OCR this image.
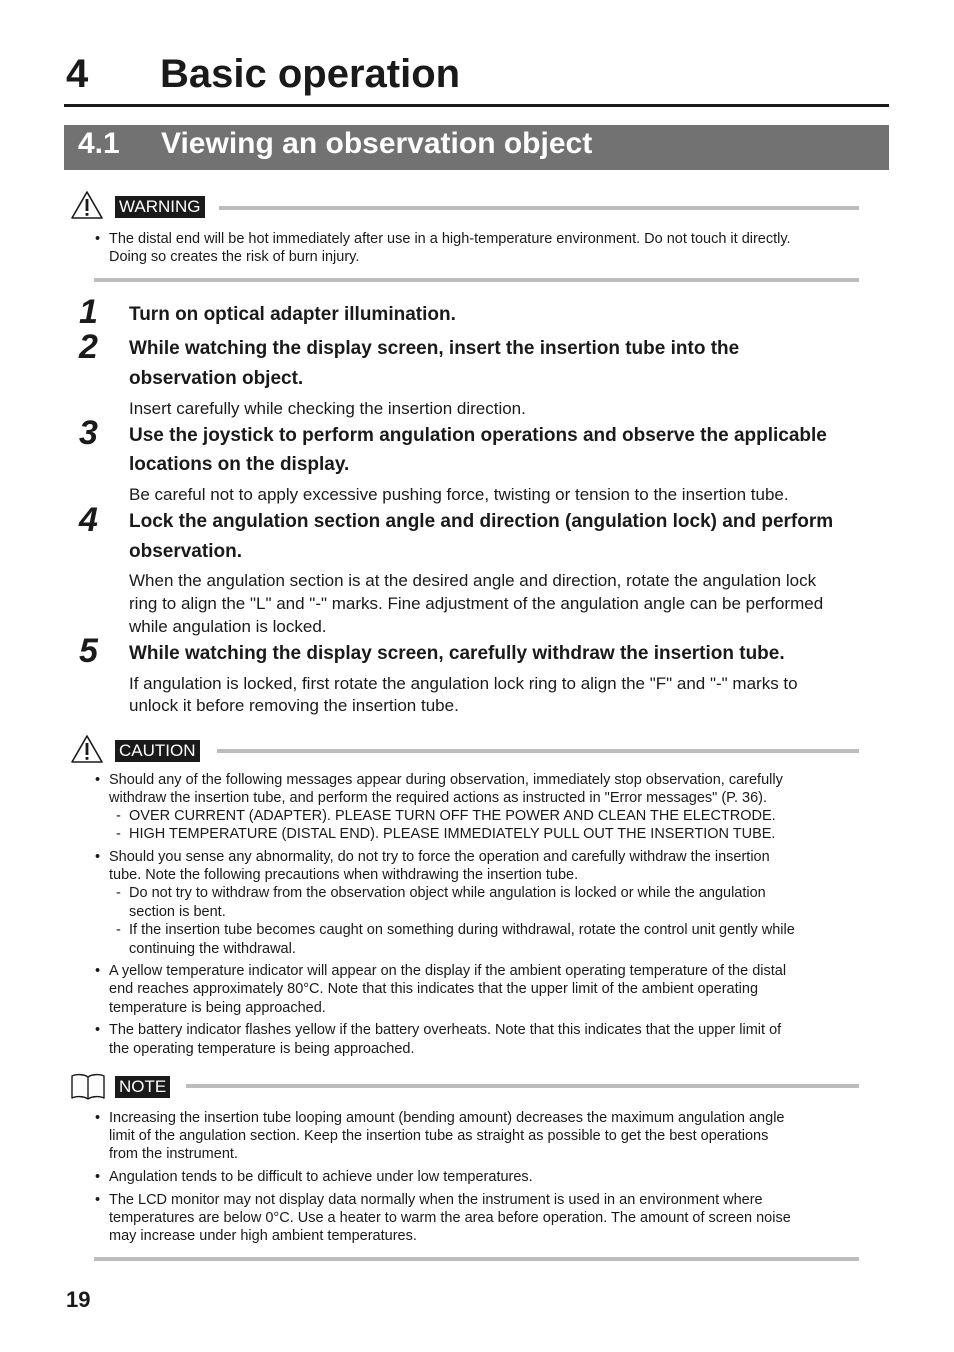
4 Basic operation
4.1 Viewing an observation object
WARNING
• The distal end will be hot immediately after use in a high-temperature environment. Do not touch it directly.
Doing so creates the risk of burn injury.
1 Turn on optical adapter illumination.
2 While watching the display screen, insert the insertion tube into the
observation object.
Insert carefully while checking the insertion direction.
3 Use the joystick to perform angulation operations and observe the applicable
locations on the display.
Be careful not to apply excessive pushing force, twisting or tension to the insertion tube.
4 Lock the angulation section angle and direction (angulation lock) and perform
observation.
When the angulation section is at the desired angle and direction, rotate the angulation lock
ring to align the "L" and "-" marks. Fine adjustment of the angulation angle can be performed
while angulation is locked.
5 While watching the display screen, carefully withdraw the insertion tube.
If angulation is locked, first rotate the angulation lock ring to align the "F" and "-" marks to
unlock it before removing the insertion tube.
CAUTION
• Should any of the following messages appear during observation, immediately stop observation, carefully
withdraw the insertion tube, and perform the required actions as instructed in "Error messages" (P. 36).
- OVER CURRENT (ADAPTER). PLEASE TURN OFF THE POWER AND CLEAN THE ELECTRODE.
- HIGH TEMPERATURE (DISTAL END). PLEASE IMMEDIATELY PULL OUT THE INSERTION TUBE.
• Should you sense any abnormality, do not try to force the operation and carefully withdraw the insertion
tube. Note the following precautions when withdrawing the insertion tube.
- Do not try to withdraw from the observation object while angulation is locked or while the angulation
section is bent.
- If the insertion tube becomes caught on something during withdrawal, rotate the control unit gently while
continuing the withdrawal.
• A yellow temperature indicator will appear on the display if the ambient operating temperature of the distal
end reaches approximately 80°C. Note that this indicates that the upper limit of the ambient operating
temperature is being approached.
• The battery indicator flashes yellow if the battery overheats. Note that this indicates that the upper limit of
the operating temperature is being approached.
NOTE
• Increasing the insertion tube looping amount (bending amount) decreases the maximum angulation angle
limit of the angulation section. Keep the insertion tube as straight as possible to get the best operations
from the instrument.
• Angulation tends to be difficult to achieve under low temperatures.
• The LCD monitor may not display data normally when the instrument is used in an environment where
temperatures are below 0°C. Use a heater to warm the area before operation. The amount of screen noise
may increase under high ambient temperatures.
19
